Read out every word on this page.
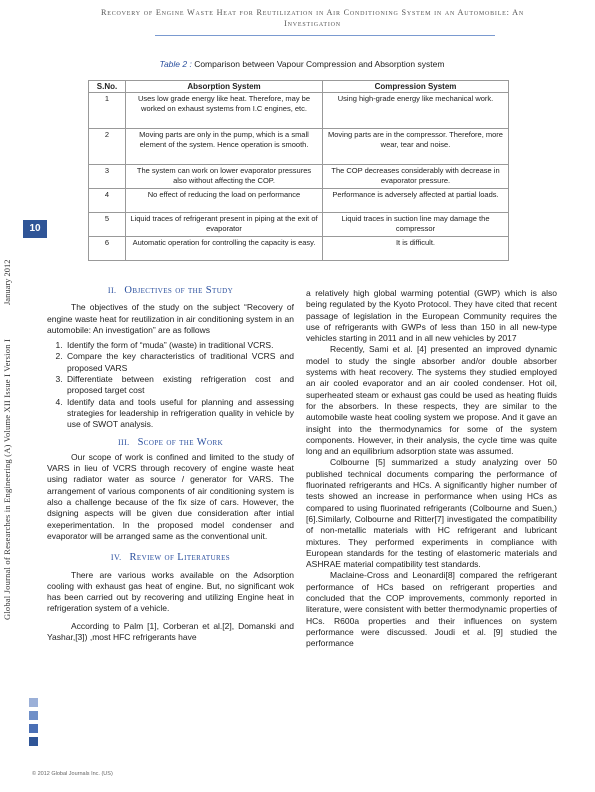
Recovery of Engine Waste Heat for Reutilization in Air Conditioning System in an Automobile: An
Investigation
Table 2 : Comparison between Vapour Compression and Absorption system
S.No.	Absorption System	Compression System
1	Uses low grade energy like heat. Therefore, may be worked on exhaust systems from I.C engines, etc.	Using high-grade energy like mechanical work.
2	Moving parts are only in the pump, which is a small element of the system. Hence operation is smooth.	Moving parts are in the compressor. Therefore, more wear, tear and noise.
3	The system can work on lower evaporator pressures also without affecting the COP.	The COP decreases considerably with decrease in evaporator pressure.
4	No effect of reducing the load on performance	Performance is adversely affected at partial loads.
5	Liquid traces of refrigerant present in piping at the exit of evaporator	Liquid traces in suction line may damage the compressor
6	Automatic operation for controlling the capacity is easy.	It is difficult.
Global Journal of Researches in Engineering (A) Volume XII Issue I Version I
January 2012
10
II. Objectives of the Study

The objectives of the study on the subject “Recovery of engine waste heat for reutilization in air conditioning system in an automobile: An investigation” are as follows

1. Identify the form of “muda” (waste) in traditional VCRS.
2. Compare the key characteristics of traditional VCRS and proposed VARS
3. Differentiate between existing refrigeration cost and proposed target cost
4. Identify data and tools useful for planning and assessing strategies for leadership in refrigeration quality in vehicle by use of SWOT analysis.
III. Scope of the Work

Our scope of work is confined and limited to the study of VARS in lieu of VCRS through recovery of engine waste heat using radiator water as source / generator for VARS. The arrangement of various components of air conditioning system is also a challenge because of the fix size of cars. However, the dsigning aspects will be given due consideration after intial exeperimentation. In the proposed model condenser and evaporator will be arranged same as the conventional unit.

IV. Review of Literatures

There are various works available on the Adsorption cooling with exhaust gas heat of engine. But, no significant wok has been carried out by recovering and utilizing Engine heat in refrigeration system of a vehicle.

According to Palm [1], Corberan et al.[2], Domanski and Yashar,[3]) ,most HFC refrigerants have

a relatively high global warming potential (GWP) which is also being regulated by the Kyoto Protocol. They have cited that recent passage of legislation in the European Community requires the use of refrigerants with GWPs of less than 150 in all new-type vehicles starting in 2011 and in all new vehicles by 2017

Recently, Sami et al. [4] presented an improved dynamic model to study the single absorber and/or double absorber systems with heat recovery. The systems they studied employed an air cooled evaporator and an air cooled condenser. Hot oil, superheated steam or exhaust gas could be used as heating fluids for the absorbers. In these respects, they are similar to the automobile waste heat cooling system we propose. And it gave an insight into the thermodynamics for some of the system components. However, in their analysis, the cycle time was quite long and an equilibrium adsorption state was assumed.

Colbourne [5] summarized a study analyzing over 50 published technical documents comparing the performance of fluorinated refrigerants and HCs. A significantly higher number of tests showed an increase in performance when using HCs as compared to using fluorinated refrigerants (Colbourne and Suen,)[6].Similarly, Colbourne and Ritter[7] investigated the compatibility of non-metallic materials with HC refrigerant and lubricant mixtures. They performed experiments in compliance with European standards for the testing of elastomeric materials and ASHRAE material compatibility test standards.

Maclaine-Cross and Leonardi[8] compared the refrigerant performance of HCs based on refrigerant properties and concluded that the COP improvements, commonly reported in literature, were consistent with better thermodynamic properties of HCs. R600a properties and their influences on system performance were discussed. Joudi et al. [9] studied the performance

© 2012 Global Journals Inc. (US)
